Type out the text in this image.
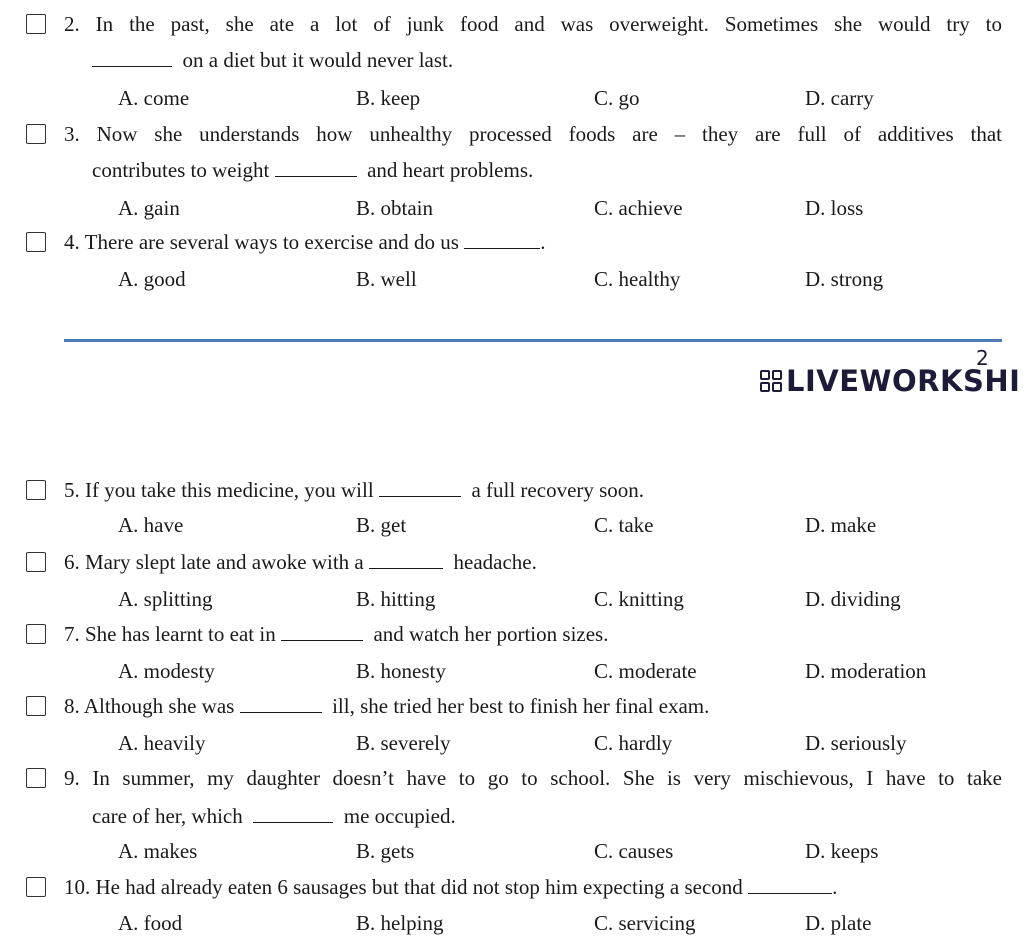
2. In the past, she ate a lot of junk food and was overweight. Sometimes she would try to
on a diet but it would never last.
A. come	B. keep	C. go	D. carry
3. Now she understands how unhealthy processed foods are – they are full of additives that
contributes to weight	and heart problems.
A. gain	B. obtain	C. achieve	D. loss
4. There are several ways to exercise and do us	.
A. good	B. well	C. healthy	D. strong
2
LIVEWORKSHI
5. If you take this medicine, you will	a full recovery soon.
A. have	B. get	C. take	D. make
6. Mary slept late and awoke with a	headache.
A. splitting	B. hitting	C. knitting	D. dividing
7. She has learnt to eat in	and watch her portion sizes.
A. modesty	B. honesty	C. moderate	D. moderation
8. Although she was	ill, she tried her best to finish her final exam.
A. heavily	B. severely	C. hardly	D. seriously
9. In summer, my daughter doesn’t have to go to school. She is very mischievous, I have to take
care of her, which	me occupied.
A. makes	B. gets	C. causes	D. keeps
10. He had already eaten 6 sausages but that did not stop him expecting a second	.
A. food	B. helping	C. servicing	D. plate
